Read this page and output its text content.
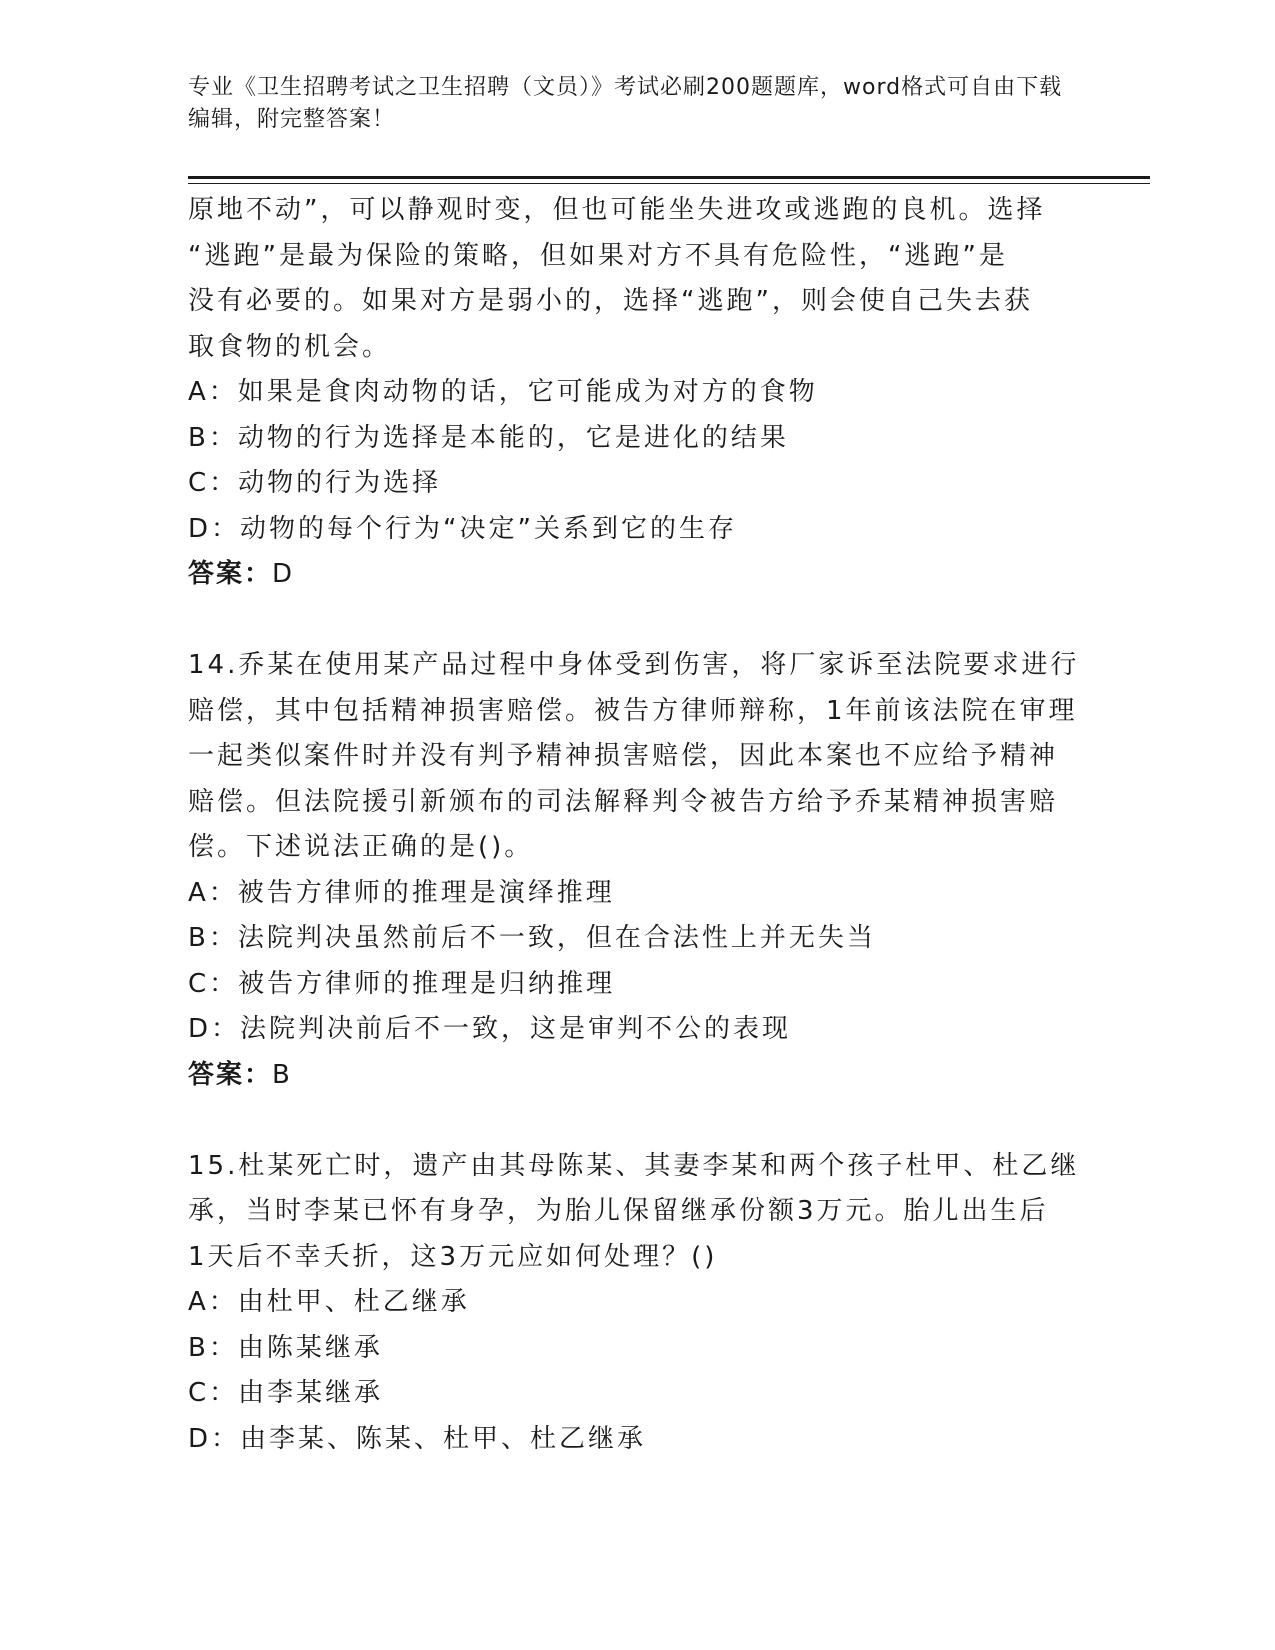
专业《卫生招聘考试之卫生招聘（文员）》考试必刷200题题库，word格式可自由下载编辑，附完整答案！

原地不动”，可以静观时变，但也可能坐失进攻或逃跑的良机。选择

“逃跑”是最为保险的策略，但如果对方不具有危险性，“逃跑”是

没有必要的。如果对方是弱小的，选择“逃跑”，则会使自己失去获

取食物的机会。

A：如果是食肉动物的话，它可能成为对方的食物

B：动物的行为选择是本能的，它是进化的结果

C：动物的行为选择

D：动物的每个行为“决定”关系到它的生存

答案：D

14.乔某在使用某产品过程中身体受到伤害，将厂家诉至法院要求进行

赔偿，其中包括精神损害赔偿。被告方律师辩称，1年前该法院在审理

一起类似案件时并没有判予精神损害赔偿，因此本案也不应给予精神

赔偿。但法院援引新颁布的司法解释判令被告方给予乔某精神损害赔

偿。下述说法正确的是()。

A：被告方律师的推理是演绎推理

B：法院判决虽然前后不一致，但在合法性上并无失当

C：被告方律师的推理是归纳推理

D：法院判决前后不一致，这是审判不公的表现

答案：B

15.杜某死亡时，遗产由其母陈某、其妻李某和两个孩子杜甲、杜乙继

承，当时李某已怀有身孕，为胎儿保留继承份额3万元。胎儿出生后

1天后不幸夭折，这3万元应如何处理？()

A：由杜甲、杜乙继承

B：由陈某继承

C：由李某继承

D：由李某、陈某、杜甲、杜乙继承
